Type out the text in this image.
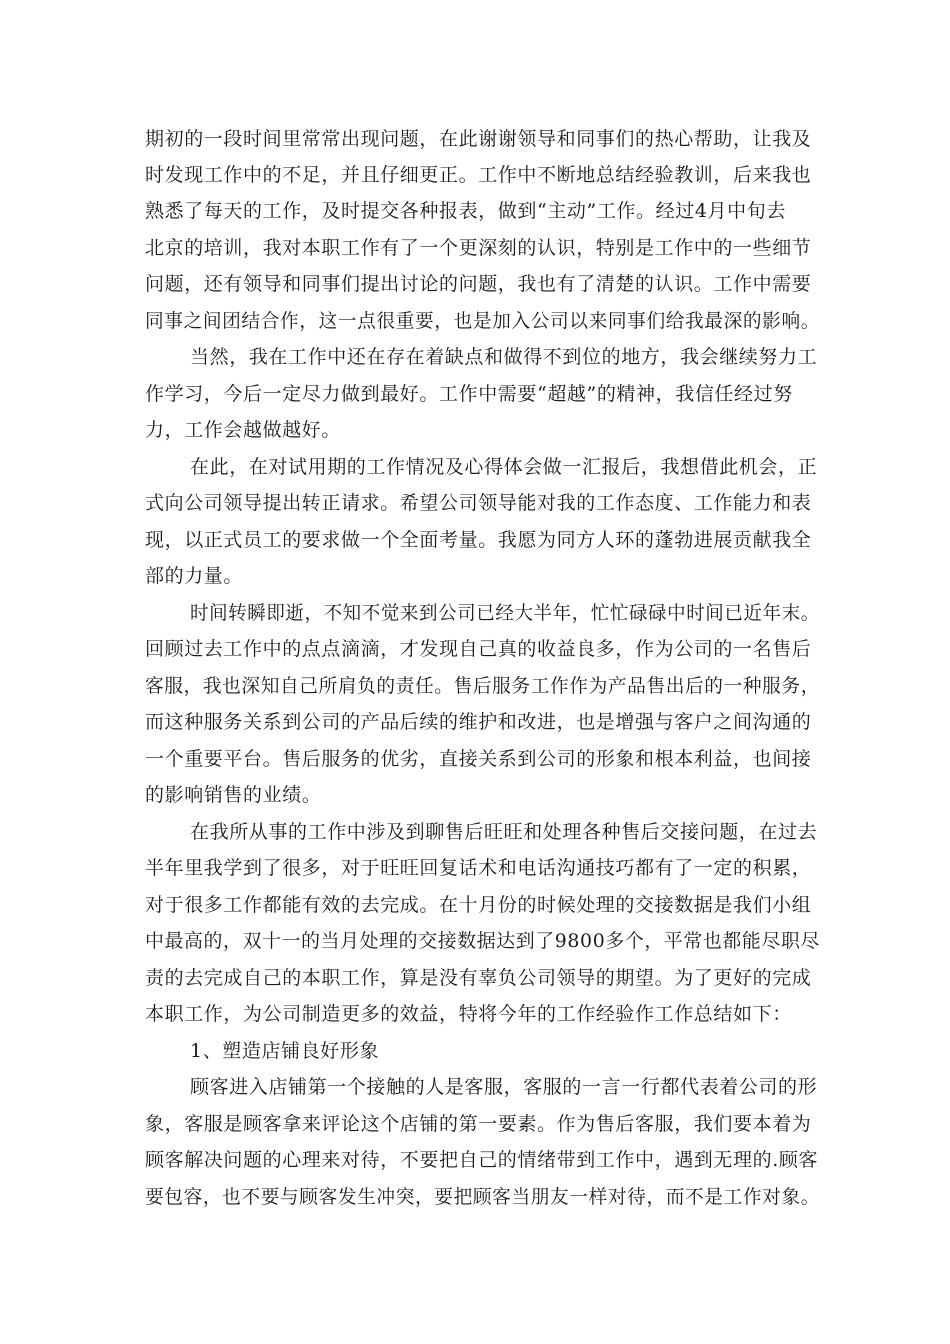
期初的一段时间里常常出现问题，在此谢谢领导和同事们的热心帮助，让我及
时发现工作中的不足，并且仔细更正。工作中不断地总结经验教训，后来我也
熟悉了每天的工作，及时提交各种报表，做到“主动”工作。经过4月中旬去
北京的培训，我对本职工作有了一个更深刻的认识，特别是工作中的一些细节
问题，还有领导和同事们提出讨论的问题，我也有了清楚的认识。工作中需要
同事之间团结合作，这一点很重要，也是加入公司以来同事们给我最深的影响。
当然，我在工作中还在存在着缺点和做得不到位的地方，我会继续努力工
作学习，今后一定尽力做到最好。工作中需要“超越”的精神，我信任经过努
力，工作会越做越好。
在此，在对试用期的工作情况及心得体会做一汇报后，我想借此机会，正
式向公司领导提出转正请求。希望公司领导能对我的工作态度、工作能力和表
现，以正式员工的要求做一个全面考量。我愿为同方人环的蓬勃进展贡献我全
部的力量。
时间转瞬即逝，不知不觉来到公司已经大半年，忙忙碌碌中时间已近年末。
回顾过去工作中的点点滴滴，才发现自己真的收益良多，作为公司的一名售后
客服，我也深知自己所肩负的责任。售后服务工作作为产品售出后的一种服务，
而这种服务关系到公司的产品后续的维护和改进，也是增强与客户之间沟通的
一个重要平台。售后服务的优劣，直接关系到公司的形象和根本利益，也间接
的影响销售的业绩。
在我所从事的工作中涉及到聊售后旺旺和处理各种售后交接问题，在过去
半年里我学到了很多，对于旺旺回复话术和电话沟通技巧都有了一定的积累，
对于很多工作都能有效的去完成。在十月份的时候处理的交接数据是我们小组
中最高的，双十一的当月处理的交接数据达到了9800多个，平常也都能尽职尽
责的去完成自己的本职工作，算是没有辜负公司领导的期望。为了更好的完成
本职工作，为公司制造更多的效益，特将今年的工作经验作工作总结如下：
1、塑造店铺良好形象
顾客进入店铺第一个接触的人是客服，客服的一言一行都代表着公司的形
象，客服是顾客拿来评论这个店铺的第一要素。作为售后客服，我们要本着为
顾客解决问题的心理来对待，不要把自己的情绪带到工作中，遇到无理的.顾客
要包容，也不要与顾客发生冲突，要把顾客当朋友一样对待，而不是工作对象。
